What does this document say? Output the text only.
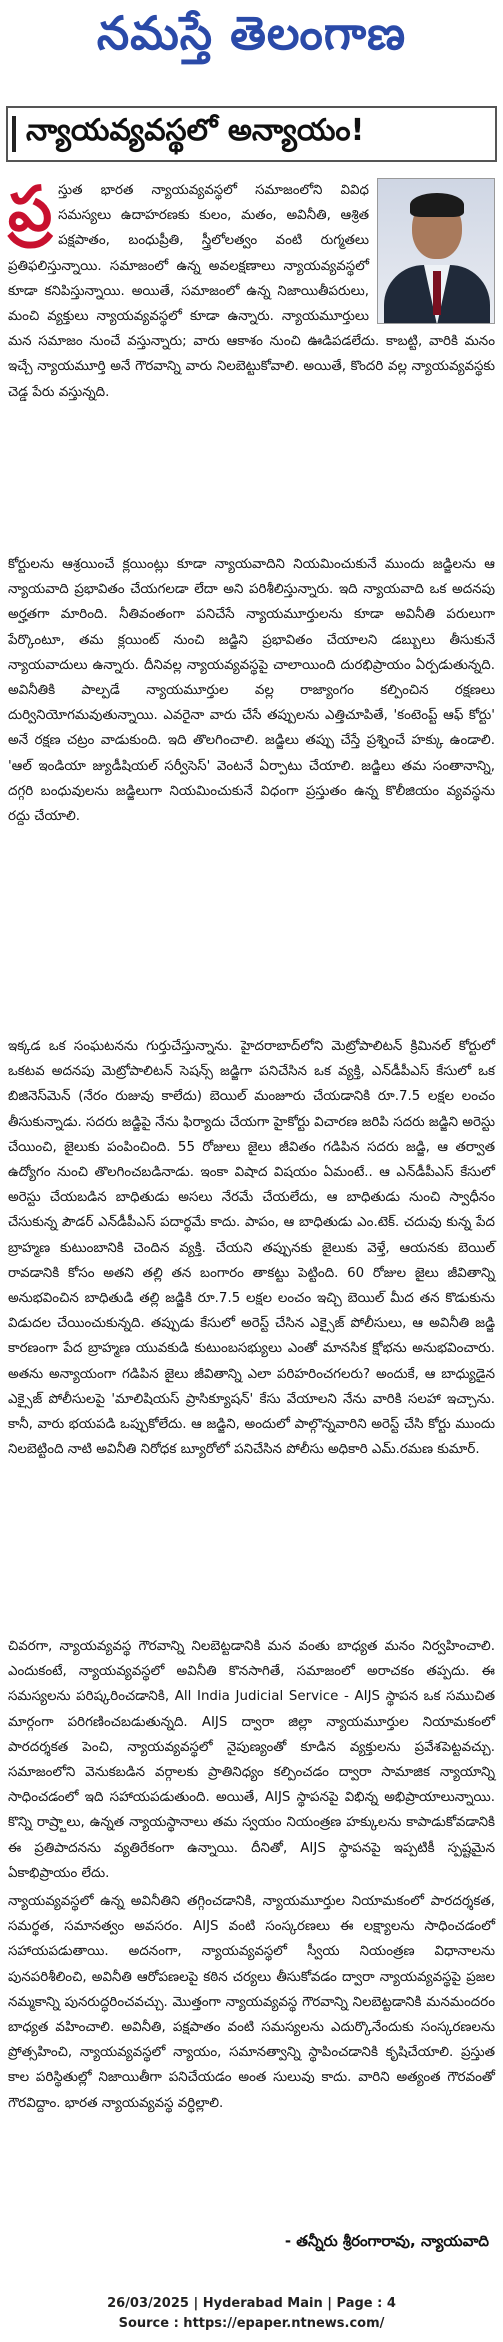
నమస్తే తెలంగాణ
న్యాయవ్యవస్థలో అన్యాయం!
ప్ర స్తుత భారత న్యాయవ్యవస్థలో సమాజంలోని వివిధ సమస్యలు ఉదాహరణకు కులం, మతం, అవినీతి, ఆశ్రిత పక్షపాతం, బంధుప్రీతి, స్త్రీలోలత్వం వంటి రుగ్మతలు ప్రతిఫలిస్తున్నాయి. సమాజంలో ఉన్న అవలక్షణాలు న్యాయవ్యవస్థలో కూడా కనిపిస్తున్నాయి. అయితే, సమాజంలో ఉన్న నిజాయితీపరులు, మంచి వ్యక్తులు న్యాయవ్యవస్థలో కూడా ఉన్నారు. న్యాయమూర్తులు మన సమాజం నుంచే వస్తున్నారు; వారు ఆకాశం నుంచి ఊడిపడలేదు. కాబట్టి, వారికి మనం ఇచ్చే న్యాయమూర్తి అనే గౌరవాన్ని వారు నిలబెట్టుకోవాలి. అయితే, కొందరి వల్ల న్యాయవ్యవస్థకు చెడ్డ పేరు వస్తున్నది.

కోర్టులను ఆశ్రయించే క్లయింట్లు కూడా న్యాయవాదిని నియమించుకునే ముందు జడ్జిలను ఆ న్యాయవాది ప్రభావితం చేయగలడా లేదా అని పరిశీలిస్తున్నారు. ఇది న్యాయవాది ఒక అదనపు అర్హతగా మారింది. నీతివంతంగా పనిచేసే న్యాయమూర్తులను కూడా అవినీతి పరులుగా పేర్కొంటూ, తమ క్లయింట్ నుంచి జడ్జిని ప్రభావితం చేయాలని డబ్బులు తీసుకునే న్యాయవాదులు ఉన్నారు. దీనివల్ల న్యాయవ్యవస్థపై చాలాయింది దురభిప్రాయం ఏర్పడుతున్నది. అవినీతికి పాల్పడే న్యాయమూర్తుల వల్ల రాజ్యాంగం కల్పించిన రక్షణలు దుర్వినియోగమవుతున్నాయి. ఎవరైనా వారు చేసే తప్పులను ఎత్తిచూపితే, 'కంటెంప్ట్ ఆఫ్ కోర్టు' అనే రక్షణ చట్రం వాడుకుంది. ఇది తొలగించాలి. జడ్జిలు తప్పు చేస్తే ప్రశ్నించే హక్కు ఉండాలి. 'ఆల్ ఇండియా జ్యుడీషియల్ సర్వీసెస్' వెంటనే ఏర్పాటు చేయాలి. జడ్జిలు తమ సంతానాన్ని, దగ్గరి బంధువులను జడ్జిలుగా నియమించుకునే విధంగా ప్రస్తుతం ఉన్న కొలీజియం వ్యవస్థను రద్దు చేయాలి.

ఇక్కడ ఒక సంఘటనను గుర్తుచేస్తున్నాను. హైదరాబాద్‌లోని మెట్రోపాలిటన్ క్రిమినల్ కోర్టులో ఒకటవ అదనపు మెట్రోపాలిటన్ సెషన్స్ జడ్జిగా పనిచేసిన ఒక వ్యక్తి, ఎన్‌డీపీఎస్ కేసులో ఒక బిజినెస్‌మెన్ (నేరం రుజువు కాలేదు) బెయిల్ మంజూరు చేయడానికి రూ.7.5 లక్షల లంచం తీసుకున్నాడు. సదరు జడ్జిపై నేను ఫిర్యాదు చేయగా హైకోర్టు విచారణ జరిపి సదరు జడ్జిని అరెస్టు చేయించి, జైలుకు పంపించింది. 55 రోజులు జైలు జీవితం గడిపిన సదరు జడ్జి, ఆ తర్వాత ఉద్యోగం నుంచి తొలగించబడినాడు. ఇంకా విషాద విషయం ఏమంటే.. ఆ ఎన్‌డీపీఎస్ కేసులో అరెస్టు చేయబడిన బాధితుడు అసలు నేరమే చేయలేదు, ఆ బాధితుడు నుంచి స్వాధీనం చేసుకున్న పౌడర్ ఎన్‌డీపీఎస్ పదార్థమే కాదు. పాపం, ఆ బాధితుడు ఎం.టెక్. చదువు కున్న పేద బ్రాహ్మణ కుటుంబానికి చెందిన వ్యక్తి. చేయని తప్పునకు జైలుకు వెళ్తే, ఆయనకు బెయిల్ రావడానికి కోసం అతని తల్లి తన బంగారం తాకట్టు పెట్టింది. 60 రోజుల జైలు జీవితాన్ని అనుభవించిన బాధితుడి తల్లి జడ్జికి రూ.7.5 లక్షల లంచం ఇచ్చి బెయిల్ మీద తన కొడుకును విడుదల చేయించుకున్నది. తప్పుడు కేసులో అరెస్ట్ చేసిన ఎక్సైజ్ పోలీసులు, ఆ అవినీతి జడ్జి కారణంగా పేద బ్రాహ్మణ యువకుడి కుటుంబసభ్యులు ఎంతో మానసిక క్షోభను అనుభవించారు. అతను అన్యాయంగా గడిపిన జైలు జీవితాన్ని ఎలా పరిహరించగలరు? అందుకే, ఆ బాధ్యుడైన ఎక్సైజ్ పోలీసులపై 'మాలిషియస్ ప్రాసిక్యూషన్' కేసు వేయాలని నేను వారికి సలహా ఇచ్చాను. కానీ, వారు భయపడి ఒప్పుకోలేదు. ఆ జడ్జిని, అందులో పాల్గొన్నవారిని అరెస్ట్ చేసి కోర్టు ముందు నిలబెట్టింది నాటి అవినీతి నిరోధక బ్యూరోలో పనిచేసిన పోలీసు అధికారి ఎమ్.రమణ కుమార్.

చివరగా, న్యాయవ్యవస్థ గౌరవాన్ని నిలబెట్టడానికి మన వంతు బాధ్యత మనం నిర్వహించాలి. ఎందుకంటే, న్యాయవ్యవస్థలో అవినీతి కొనసాగితే, సమాజంలో అరాచకం తప్పదు. ఈ సమస్యలను పరిష్కరించడానికి, All India Judicial Service - AIJS స్థాపన ఒక సముచిత మార్గంగా పరిగణించబడుతున్నది. AIJS ద్వారా జిల్లా న్యాయమూర్తుల నియామకంలో పారదర్శకత పెంచి, న్యాయవ్యవస్థలో నైపుణ్యంతో కూడిన వ్యక్తులను ప్రవేశపెట్టవచ్చు. సమాజంలోని వెనుకబడిన వర్గాలకు ప్రాతినిధ్యం కల్పించడం ద్వారా సామాజిక న్యాయాన్ని సాధించడంలో ఇది సహాయపడుతుంది. అయితే, AIJS స్థాపనపై విభిన్న అభిప్రాయాలున్నాయి. కొన్ని రాష్ర్టాలు, ఉన్నత న్యాయస్థానాలు తమ స్వయం నియంత్రణ హక్కులను కాపాడుకోవడానికి ఈ ప్రతిపాదనను వ్యతిరేకంగా ఉన్నాయి. దీనితో, AIJS స్థాపనపై ఇప్పటికీ స్పష్టమైన ఏకాభిప్రాయం లేదు.

న్యాయవ్యవస్థలో ఉన్న అవినీతిని తగ్గించడానికి, న్యాయమూర్తుల నియామకంలో పారదర్శకత, సమర్థత, సమానత్వం అవసరం. AIJS వంటి సంస్కరణలు ఈ లక్ష్యాలను సాధించడంలో సహాయపడుతాయి. అదనంగా, న్యాయవ్యవస్థలో స్వీయ నియంత్రణ విధానాలను పునపరిశీలించి, అవినీతి ఆరోపణలపై కఠిన చర్యలు తీసుకోవడం ద్వారా న్యాయవ్యవస్థపై ప్రజల నమ్మకాన్ని పునరుద్ధరించవచ్చు. మొత్తంగా న్యాయవ్యవస్థ గౌరవాన్ని నిలబెట్టడానికి మనమందరం బాధ్యత వహించాలి. అవినీతి, పక్షపాతం వంటి సమస్యలను ఎదుర్కొనేందుకు సంస్కరణలను ప్రోత్సహించి, న్యాయవ్యవస్థలో న్యాయం, సమానత్వాన్ని స్థాపించడానికి కృషిచేయాలి. ప్రస్తుత కాల పరిస్థితుల్లో నిజాయితీగా పనిచేయడం అంత సులువు కాదు. వారిని అత్యంత గౌరవంతో గౌరవిద్దాం. భారత న్యాయవ్యవస్థ వర్ధిల్లాలి.

- తన్నీరు శ్రీరంగారావు, న్యాయవాది
26/03/2025 | Hyderabad Main | Page : 4
Source : https://epaper.ntnews.com/
